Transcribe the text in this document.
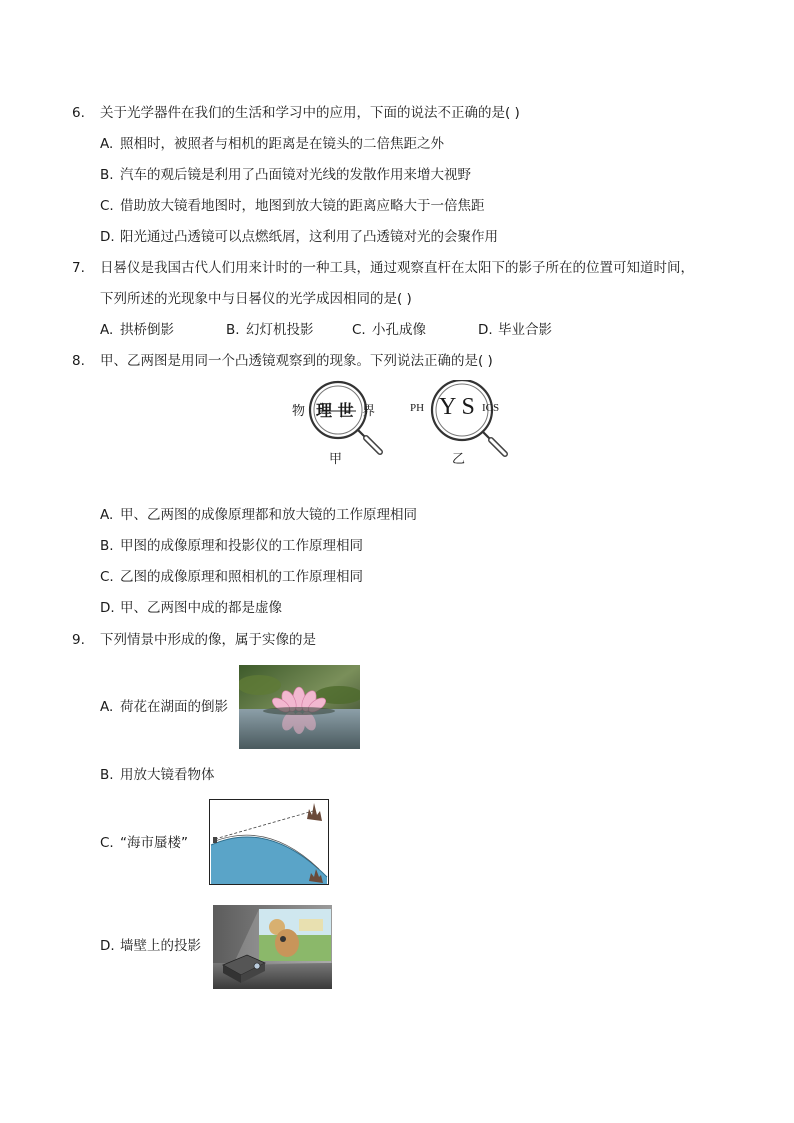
6. 关于光学器件在我们的生活和学习中的应用，下面的说法不正确的是( )
A. 照相时，被照者与相机的距离是在镜头的二倍焦距之外
B. 汽车的观后镜是利用了凸面镜对光线的发散作用来增大视野
C. 借助放大镜看地图时，地图到放大镜的距离应略大于一倍焦距
D. 阳光通过凸透镜可以点燃纸屑，这利用了凸透镜对光的会聚作用
7. 日晷仪是我国古代人们用来计时的一种工具，通过观察直杆在太阳下的影子所在的位置可知道时间，
下列所述的光现象中与日晷仪的光学成因相同的是( )
A. 拱桥倒影	B. 幻灯机投影	C. 小孔成像	D. 毕业合影
8. 甲、乙两图是用同一个凸透镜观察到的现象。下列说法正确的是( )
物 理 世 界	PH Y S ICS
甲	乙
A. 甲、乙两图的成像原理都和放大镜的工作原理相同
B. 甲图的成像原理和投影仪的工作原理相同
C. 乙图的成像原理和照相机的工作原理相同
D. 甲、乙两图中成的都是虚像
9. 下列情景中形成的像，属于实像的是
A. 荷花在湖面的倒影
B. 用放大镜看物体
C. “海市蜃楼”
D. 墙壁上的投影
